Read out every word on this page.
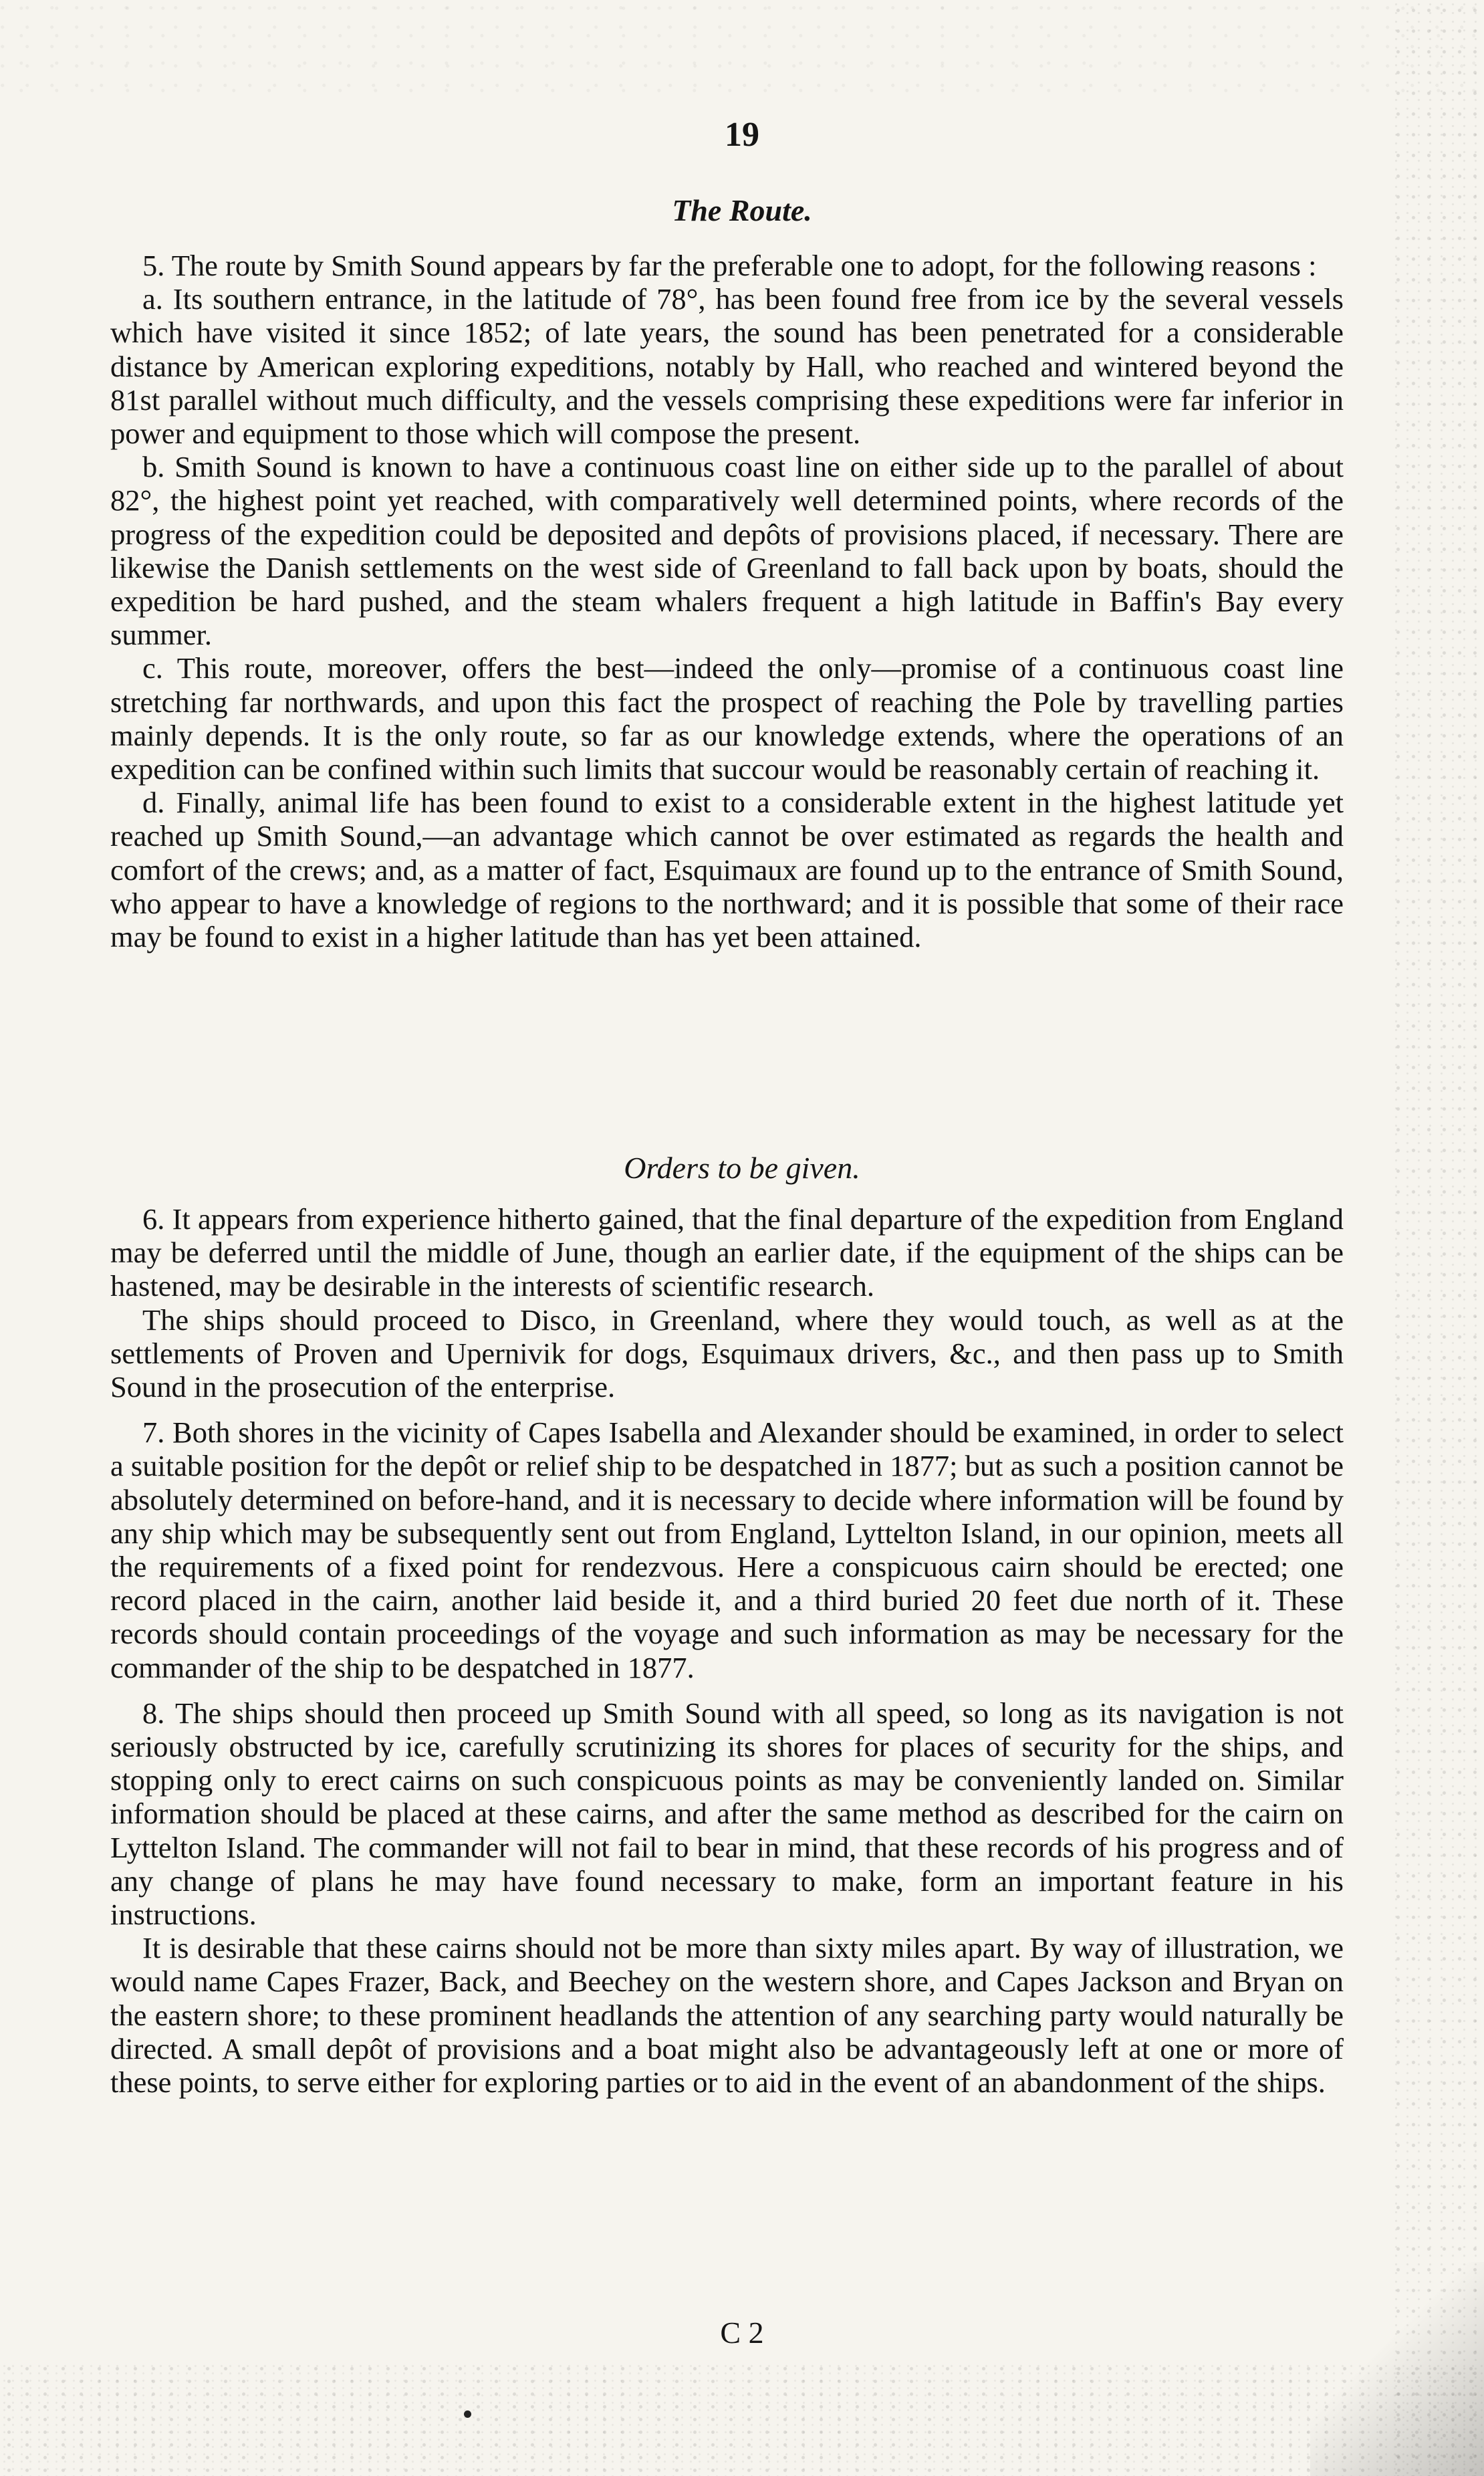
19
The Route.

5. The route by Smith Sound appears by far the preferable one to adopt, for the following reasons :

a. Its southern entrance, in the latitude of 78°, has been found free from ice by the several vessels which have visited it since 1852; of late years, the sound has been penetrated for a considerable distance by American exploring expeditions, notably by Hall, who reached and wintered beyond the 81st parallel without much difficulty, and the vessels comprising these expeditions were far inferior in power and equipment to those which will compose the present.

b. Smith Sound is known to have a continuous coast line on either side up to the parallel of about 82°, the highest point yet reached, with comparatively well determined points, where records of the progress of the expedition could be deposited and depôts of provisions placed, if necessary. There are likewise the Danish settlements on the west side of Greenland to fall back upon by boats, should the expedition be hard pushed, and the steam whalers frequent a high latitude in Baffin's Bay every summer.

c. This route, moreover, offers the best—indeed the only—promise of a continuous coast line stretching far northwards, and upon this fact the prospect of reaching the Pole by travelling parties mainly depends. It is the only route, so far as our knowledge extends, where the operations of an expedition can be confined within such limits that succour would be reasonably certain of reaching it.

d. Finally, animal life has been found to exist to a considerable extent in the highest latitude yet reached up Smith Sound,—an advantage which cannot be over estimated as regards the health and comfort of the crews; and, as a matter of fact, Esquimaux are found up to the entrance of Smith Sound, who appear to have a knowledge of regions to the northward; and it is possible that some of their race may be found to exist in a higher latitude than has yet been attained.

Orders to be given.

6. It appears from experience hitherto gained, that the final departure of the expedition from England may be deferred until the middle of June, though an earlier date, if the equipment of the ships can be hastened, may be desirable in the interests of scientific research.

The ships should proceed to Disco, in Greenland, where they would touch, as well as at the settlements of Proven and Upernivik for dogs, Esquimaux drivers, &c., and then pass up to Smith Sound in the prosecution of the enterprise.

7. Both shores in the vicinity of Capes Isabella and Alexander should be examined, in order to select a suitable position for the depôt or relief ship to be despatched in 1877; but as such a position cannot be absolutely determined on before-hand, and it is necessary to decide where information will be found by any ship which may be subsequently sent out from England, Lyttelton Island, in our opinion, meets all the requirements of a fixed point for rendezvous. Here a conspicuous cairn should be erected; one record placed in the cairn, another laid beside it, and a third buried 20 feet due north of it. These records should contain proceedings of the voyage and such information as may be necessary for the commander of the ship to be despatched in 1877.

8. The ships should then proceed up Smith Sound with all speed, so long as its navigation is not seriously obstructed by ice, carefully scrutinizing its shores for places of security for the ships, and stopping only to erect cairns on such conspicuous points as may be conveniently landed on. Similar information should be placed at these cairns, and after the same method as described for the cairn on Lyttelton Island. The commander will not fail to bear in mind, that these records of his progress and of any change of plans he may have found necessary to make, form an important feature in his instructions.

It is desirable that these cairns should not be more than sixty miles apart. By way of illustration, we would name Capes Frazer, Back, and Beechey on the western shore, and Capes Jackson and Bryan on the eastern shore; to these prominent headlands the attention of any searching party would naturally be directed. A small depôt of provisions and a boat might also be advantageously left at one or more of these points, to serve either for exploring parties or to aid in the event of an abandonment of the ships.

C 2
